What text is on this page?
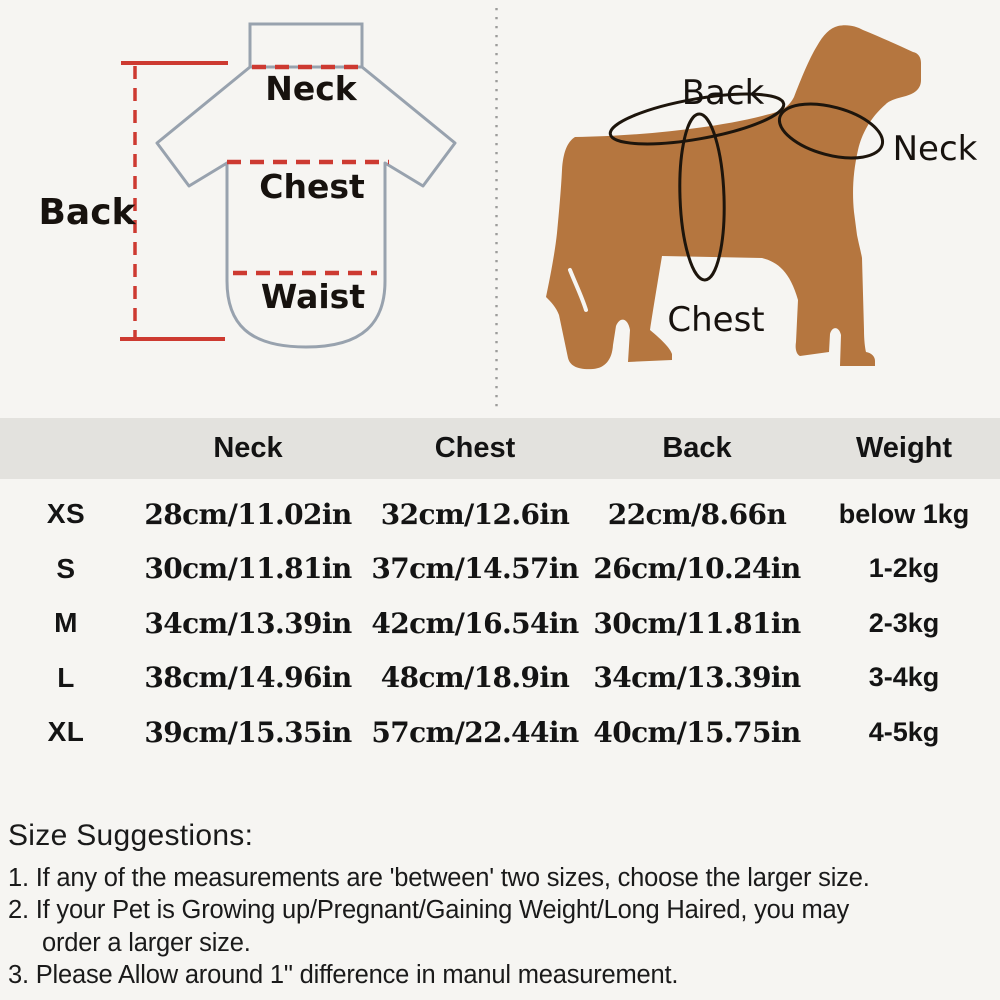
Neck
Chest
Waist
Back
Back
Neck
Chest
Neck	Chest	Back	Weight
XS	28cm/11.02in	32cm/12.6in	22cm/8.66n	below 1kg
S	30cm/11.81in 37cm/14.57in 26cm/10.24in	1-2kg
M	34cm/13.39in 42cm/16.54in 30cm/11.81in	2-3kg
L	38cm/14.96in	48cm/18.9in 34cm/13.39in	3-4kg
XL	39cm/15.35in 57cm/22.44in 40cm/15.75in	4-5kg

Size Suggestions:

1. If any of the measurements are 'between' two sizes, choose the larger size.

2. If your Pet is Growing up/Pregnant/Gaining Weight/Long Haired, you may

order a larger size.

3. Please Allow around 1" difference in manul measurement.
